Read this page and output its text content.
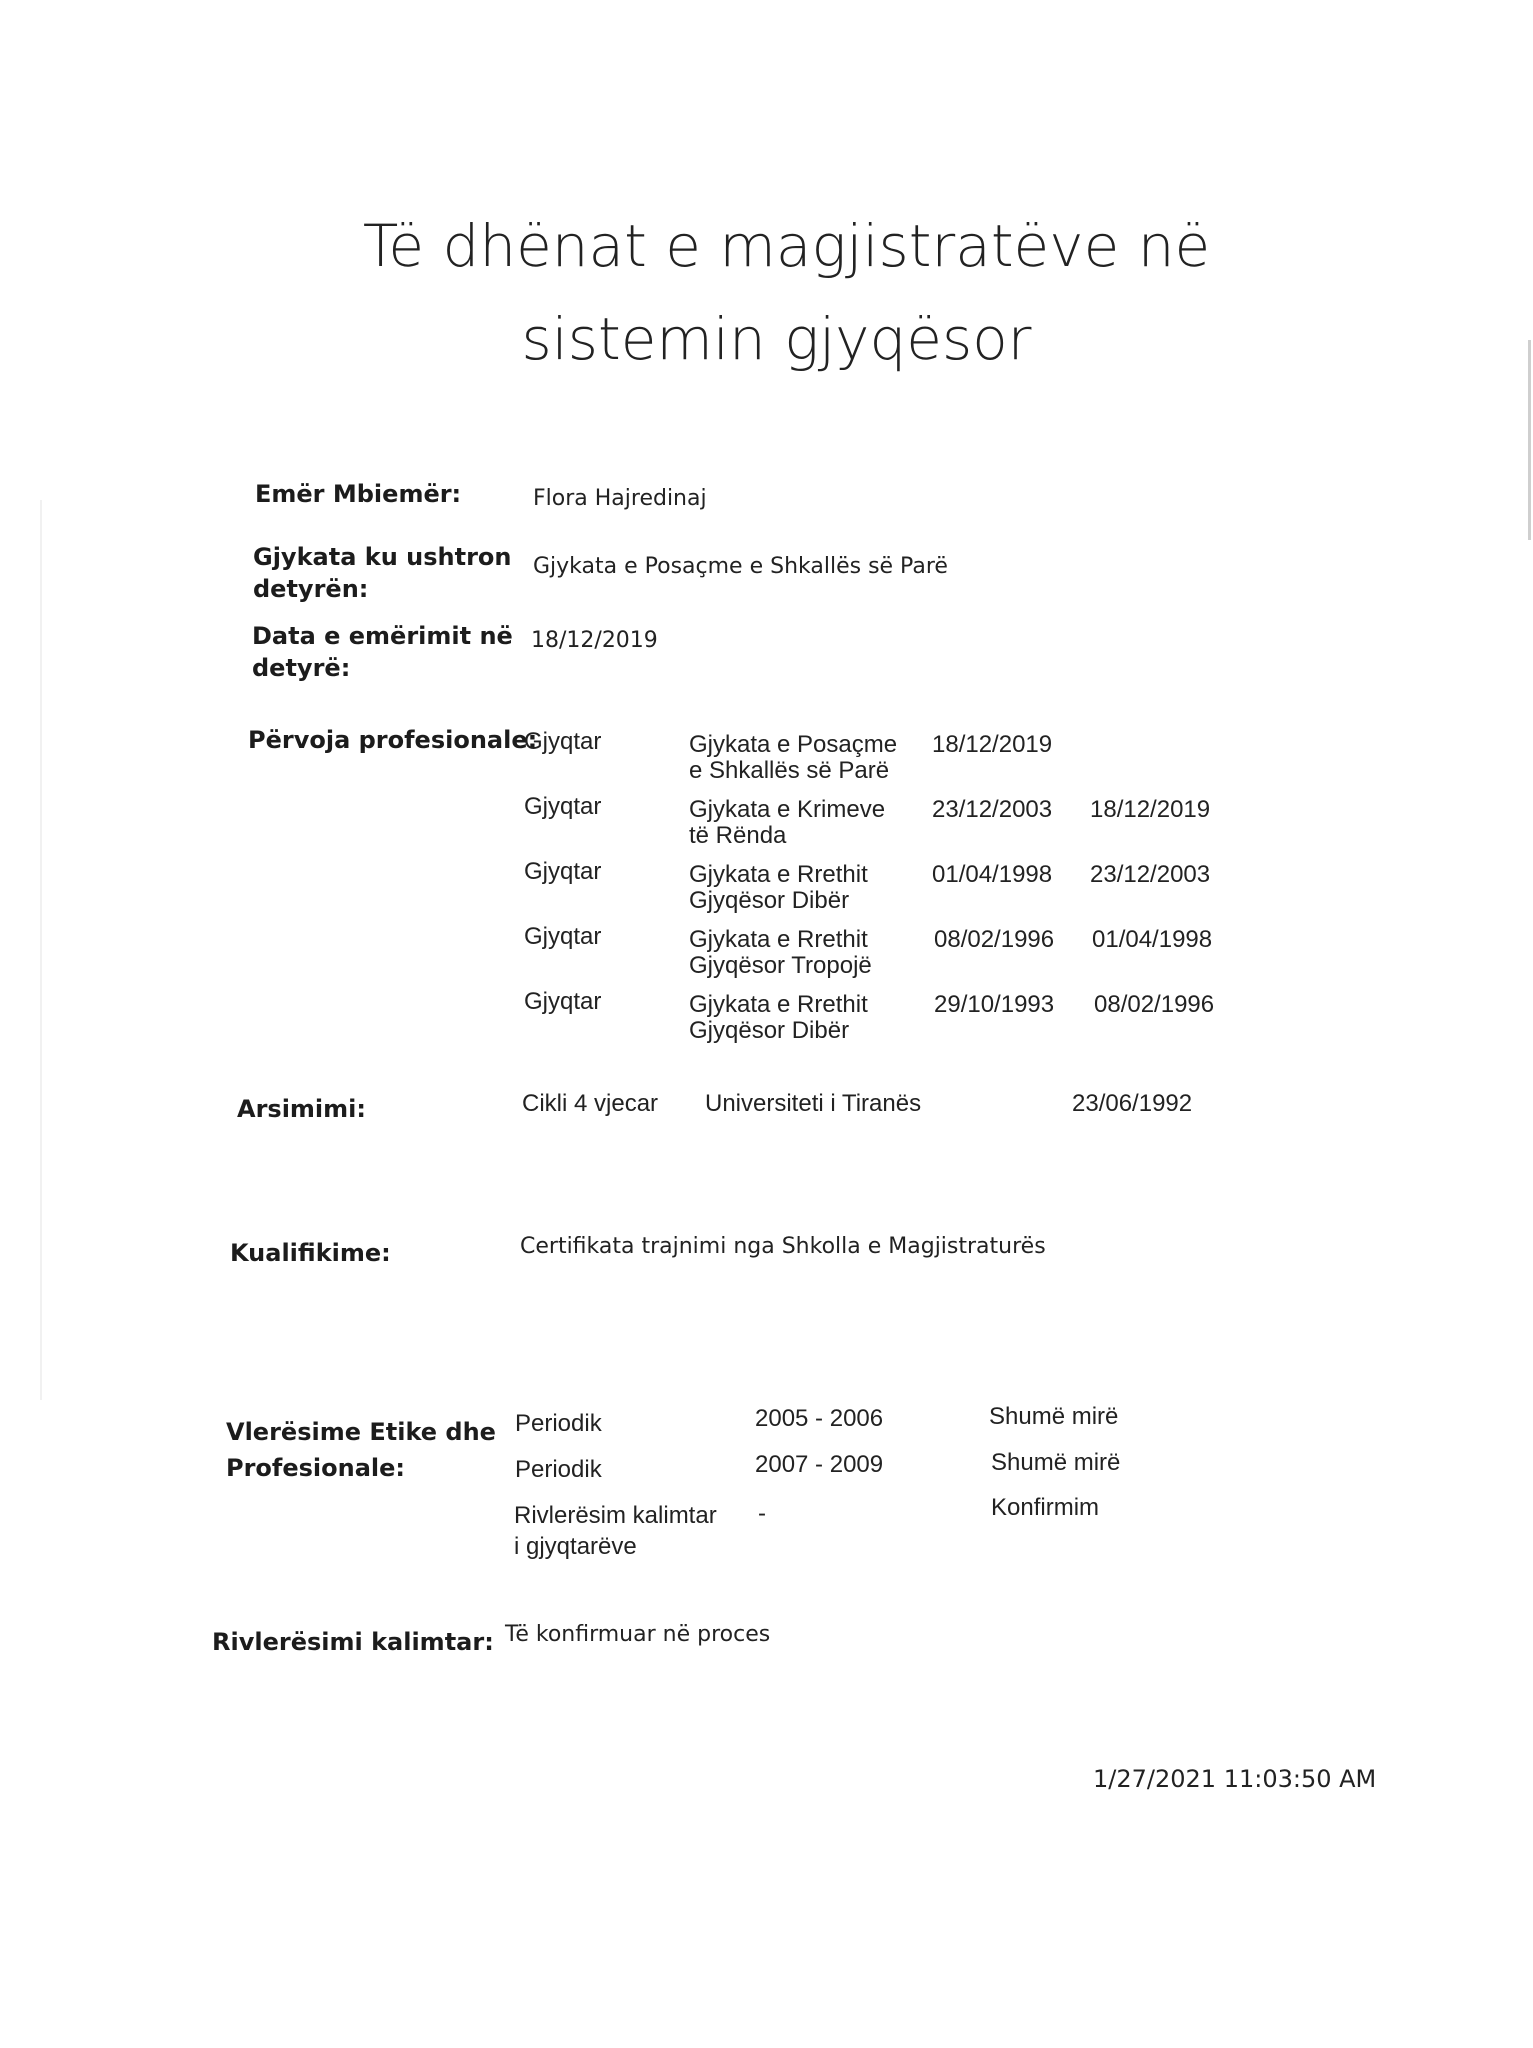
Të dhënat e magjistratëve në
sistemin gjyqësor
Emër Mbiemër:	Flora Hajredinaj
Gjykata ku ushtron
detyrën:
Gjykata e Posaçme e Shkallës së Parë
Data e emërimit në
detyrë:
18/12/2019
Përvoja profesionale:
Gjyqtar	Gjykata e Posaçme
e Shkallës së Parë
18/12/2019
Gjyqtar	Gjykata e Krimeve
të Rënda
23/12/2003 18/12/2019
Gjyqtar	Gjykata e Rrethit
Gjyqësor Dibër
01/04/1998 23/12/2003
Gjyqtar	Gjykata e Rrethit
Gjyqësor Tropojë
08/02/1996 01/04/1998
Gjyqtar	Gjykata e Rrethit
Gjyqësor Dibër
29/10/1993 08/02/1996
Arsimimi:	Cikli 4 vjecar Universiteti i Tiranës	23/06/1992
Kualifikime:	Certifikata trajnimi nga Shkolla e Magjistraturës
Vlerësime Etike dhe
Profesionale:
Periodik	2005 - 2006	Shumë mirë
Periodik	2007 - 2009	Shumë mirë
Rivlerësim kalimtar
i gjyqtarëve
-	Konfirmim
Rivlerësimi kalimtar: Të konfirmuar në proces
1/27/2021 11:03:50 AM
